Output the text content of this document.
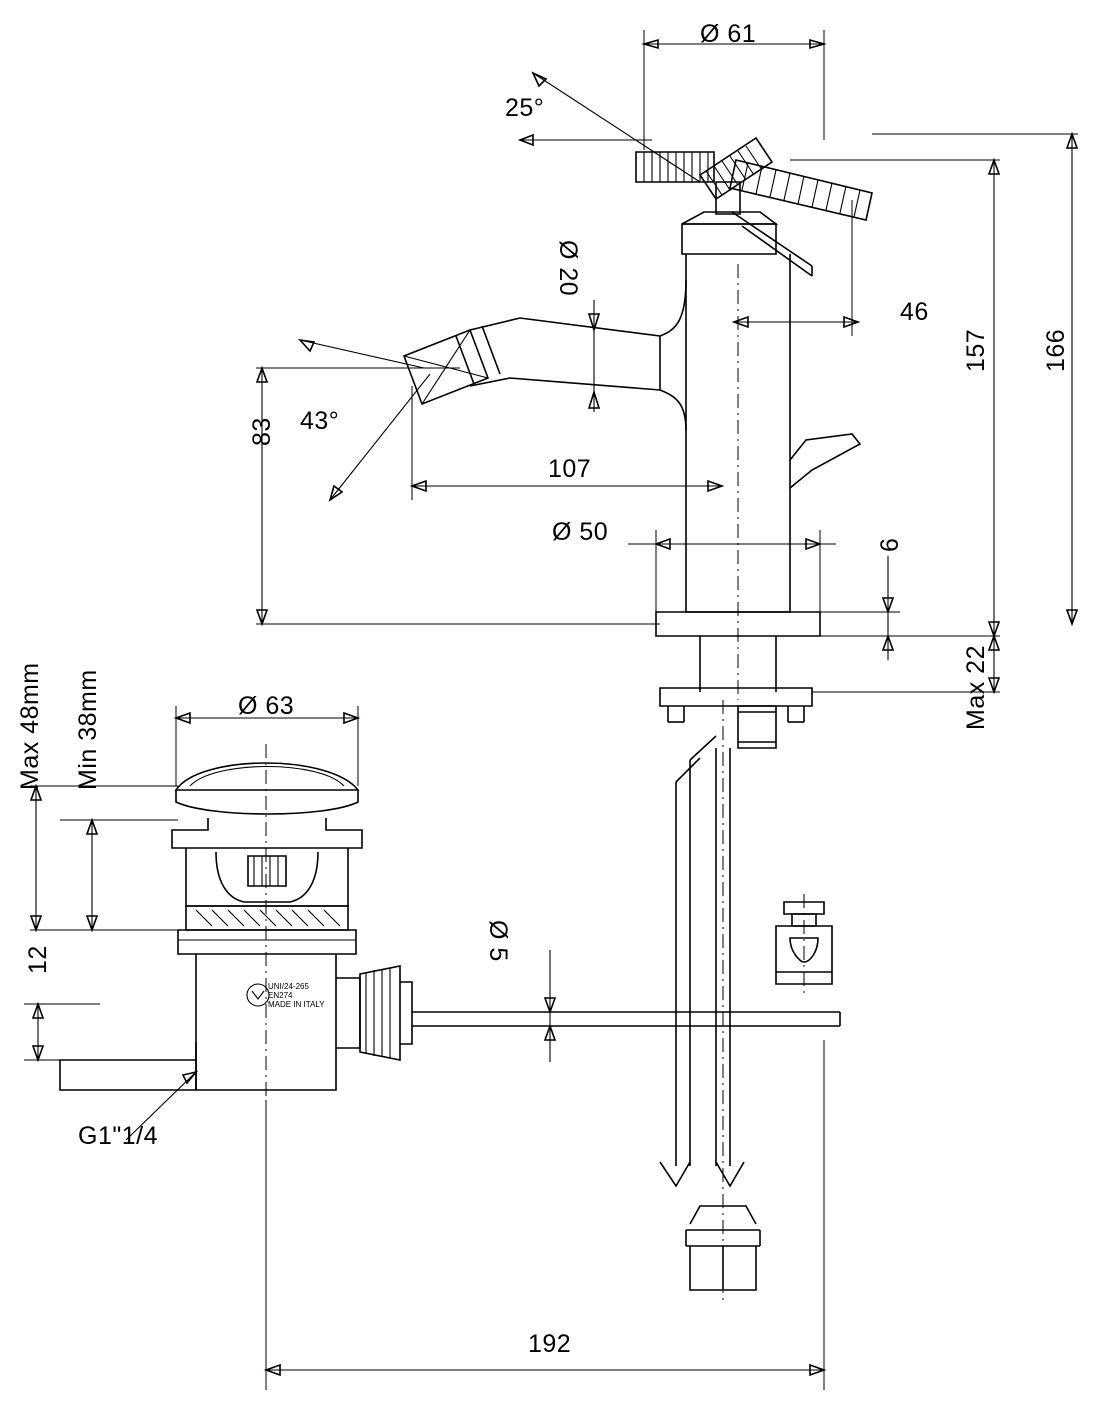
Ø 61
25°
Ø 20
43°
83
107
Ø 50	6
46
157 166
Max 22
Ø 63
Max 48mm Min 38mm
12
G1"1/4
Ø 5
192
UNI/24-265
EN274
MADE IN ITALY
